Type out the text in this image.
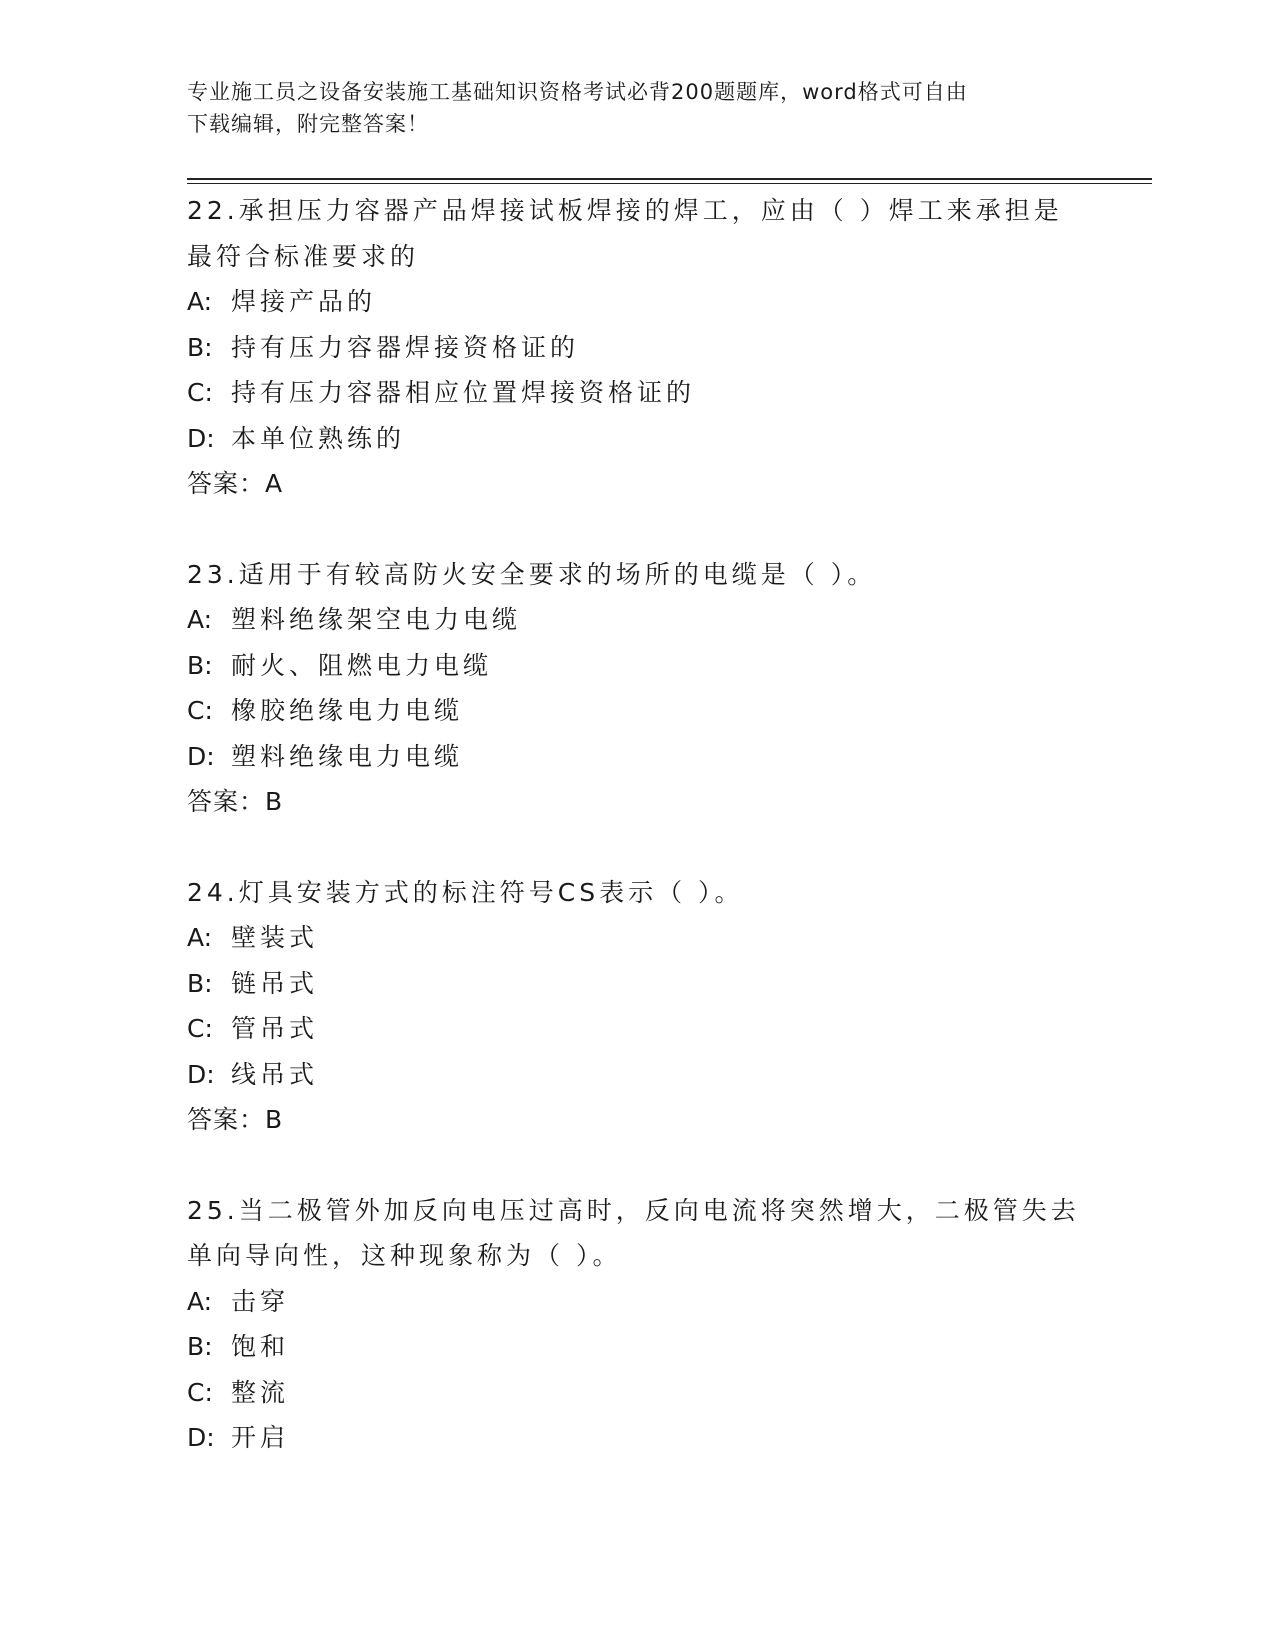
专业施工员之设备安装施工基础知识资格考试必背200题题库，word格式可自由
下载编辑，附完整答案！
22.承担压力容器产品焊接试板焊接的焊工，应由（ ）焊工来承担是
最符合标准要求的
A: 焊接产品的
B: 持有压力容器焊接资格证的
C: 持有压力容器相应位置焊接资格证的
D: 本单位熟练的
答案：A
23.适用于有较高防火安全要求的场所的电缆是（ ）。
A: 塑料绝缘架空电力电缆
B: 耐火、阻燃电力电缆
C: 橡胶绝缘电力电缆
D: 塑料绝缘电力电缆
答案：B
24.灯具安装方式的标注符号CS表示（ ）。
A: 壁装式
B: 链吊式
C: 管吊式
D: 线吊式
答案：B
25.当二极管外加反向电压过高时，反向电流将突然增大，二极管失去
单向导向性，这种现象称为（ ）。
A: 击穿
B: 饱和
C: 整流
D: 开启
